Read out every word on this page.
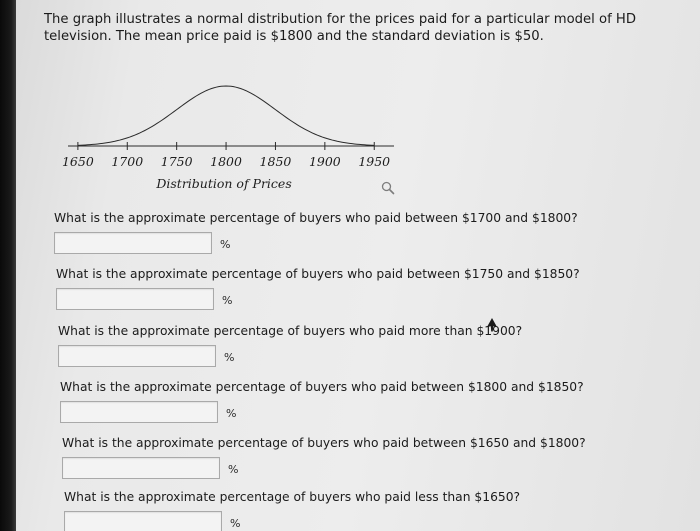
The graph illustrates a normal distribution for the prices paid for a particular model of HD television. The mean price paid is $1800 and the standard deviation is $50.

1650 1700 1750 1800 1850 1900 1950
Distribution of Prices
What is the approximate percentage of buyers who paid between $1700 and $1800?
%
What is the approximate percentage of buyers who paid between $1750 and $1850?
%
What is the approximate percentage of buyers who paid more than $1900?
%
What is the approximate percentage of buyers who paid between $1800 and $1850?
%
What is the approximate percentage of buyers who paid between $1650 and $1800?
%
What is the approximate percentage of buyers who paid less than $1650?
%
